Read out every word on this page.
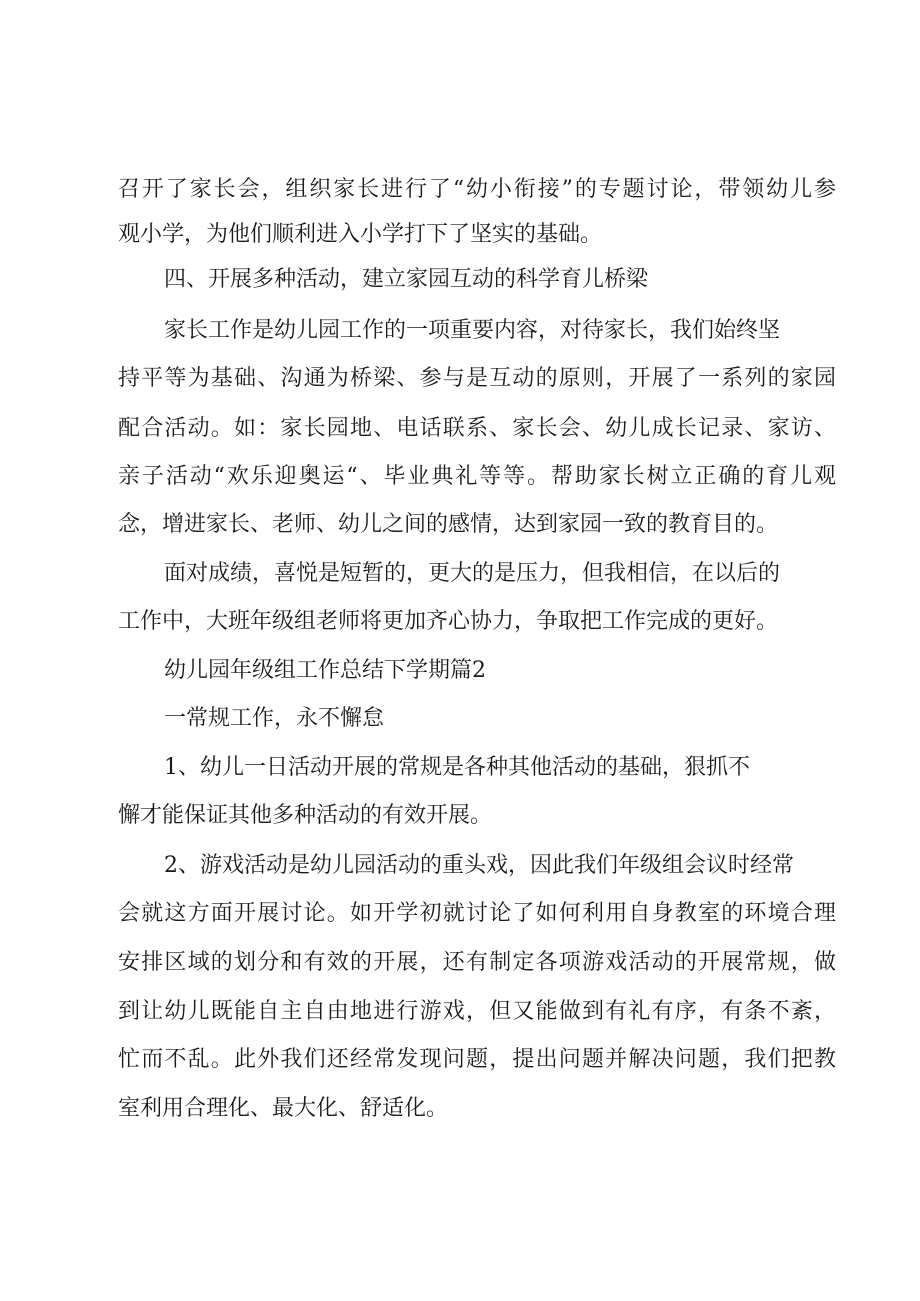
召开了家长会，组织家长进行了“幼小衔接”的专题讨论，带领幼儿参

观小学，为他们顺利进入小学打下了坚实的基础。

四、开展多种活动，建立家园互动的科学育儿桥梁

家长工作是幼儿园工作的一项重要内容，对待家长，我们始终坚

持平等为基础、沟通为桥梁、参与是互动的原则，开展了一系列的家园

配合活动。如：家长园地、电话联系、家长会、幼儿成长记录、家访、

亲子活动“欢乐迎奥运“、毕业典礼等等。帮助家长树立正确的育儿观

念，增进家长、老师、幼儿之间的感情，达到家园一致的教育目的。

面对成绩，喜悦是短暂的，更大的是压力，但我相信，在以后的

工作中，大班年级组老师将更加齐心协力，争取把工作完成的更好。

幼儿园年级组工作总结下学期篇2

一常规工作，永不懈怠

1、幼儿一日活动开展的常规是各种其他活动的基础，狠抓不

懈才能保证其他多种活动的有效开展。

2、游戏活动是幼儿园活动的重头戏，因此我们年级组会议时经常

会就这方面开展讨论。如开学初就讨论了如何利用自身教室的环境合理

安排区域的划分和有效的开展，还有制定各项游戏活动的开展常规，做

到让幼儿既能自主自由地进行游戏，但又能做到有礼有序，有条不紊，

忙而不乱。此外我们还经常发现问题，提出问题并解决问题，我们把教

室利用合理化、最大化、舒适化。
